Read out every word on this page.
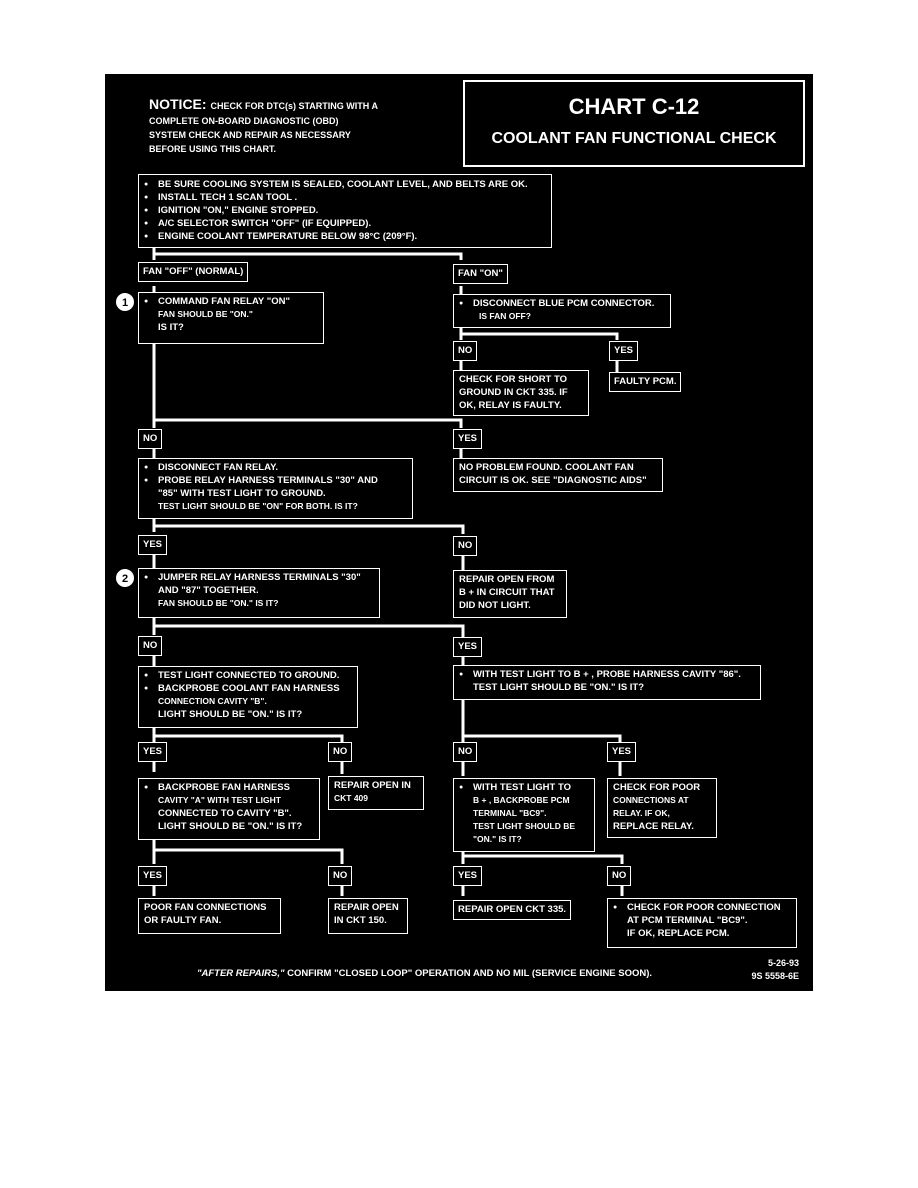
NOTICE: CHECK FOR DTC(s) STARTING WITH A
COMPLETE ON-BOARD DIAGNOSTIC (OBD)
SYSTEM CHECK AND REPAIR AS NECESSARY
BEFORE USING THIS CHART.
CHART C-12
COOLANT FAN FUNCTIONAL CHECK
● BE SURE COOLING SYSTEM IS SEALED, COOLANT LEVEL, AND BELTS ARE OK.
● INSTALL TECH 1 SCAN TOOL .
● IGNITION "ON," ENGINE STOPPED.
● A/C SELECTOR SWITCH "OFF" (IF EQUIPPED).
● ENGINE COOLANT TEMPERATURE BELOW 98°C (209°F).
FAN "OFF" (NORMAL)	FAN "ON"
1	● COMMAND FAN RELAY "ON"
FAN SHOULD BE "ON."
IS IT?
● DISCONNECT BLUE PCM CONNECTOR.
IS FAN OFF?
NO	YES
CHECK FOR SHORT TO
GROUND IN CKT 335. IF
OK, RELAY IS FAULTY.
FAULTY PCM.
NO	YES
● DISCONNECT FAN RELAY.
● PROBE RELAY HARNESS TERMINALS "30" AND
"85" WITH TEST LIGHT TO GROUND.
TEST LIGHT SHOULD BE "ON" FOR BOTH. IS IT?
NO PROBLEM FOUND. COOLANT FAN
CIRCUIT IS OK. SEE "DIAGNOSTIC AIDS"
YES	NO
2	● JUMPER RELAY HARNESS TERMINALS "30"
AND "87" TOGETHER.
FAN SHOULD BE "ON." IS IT?
REPAIR OPEN FROM
B + IN CIRCUIT THAT
DID NOT LIGHT.
NO	YES
● TEST LIGHT CONNECTED TO GROUND.
● BACKPROBE COOLANT FAN HARNESS
CONNECTION CAVITY "B".
LIGHT SHOULD BE "ON." IS IT?
● WITH TEST LIGHT TO B + , PROBE HARNESS CAVITY "86".
TEST LIGHT SHOULD BE "ON." IS IT?
YES	NO	NO	YES
● BACKPROBE FAN HARNESS
CAVITY "A" WITH TEST LIGHT
CONNECTED TO CAVITY "B".
LIGHT SHOULD BE "ON." IS IT?
REPAIR OPEN IN
CKT 409
● WITH TEST LIGHT TO
B + , BACKPROBE PCM
TERMINAL "BC9".
TEST LIGHT SHOULD BE
"ON." IS IT?
CHECK FOR POOR
CONNECTIONS AT
RELAY. IF OK,
REPLACE RELAY.
YES	NO	YES	NO
POOR FAN CONNECTIONS
OR FAULTY FAN.
REPAIR OPEN
IN CKT 150.
REPAIR OPEN CKT 335.	● CHECK FOR POOR CONNECTION
AT PCM TERMINAL "BC9".
IF OK, REPLACE PCM.
"AFTER REPAIRS," CONFIRM "CLOSED LOOP" OPERATION AND NO MIL (SERVICE ENGINE SOON).
5-26-93
9S 5558-6E
